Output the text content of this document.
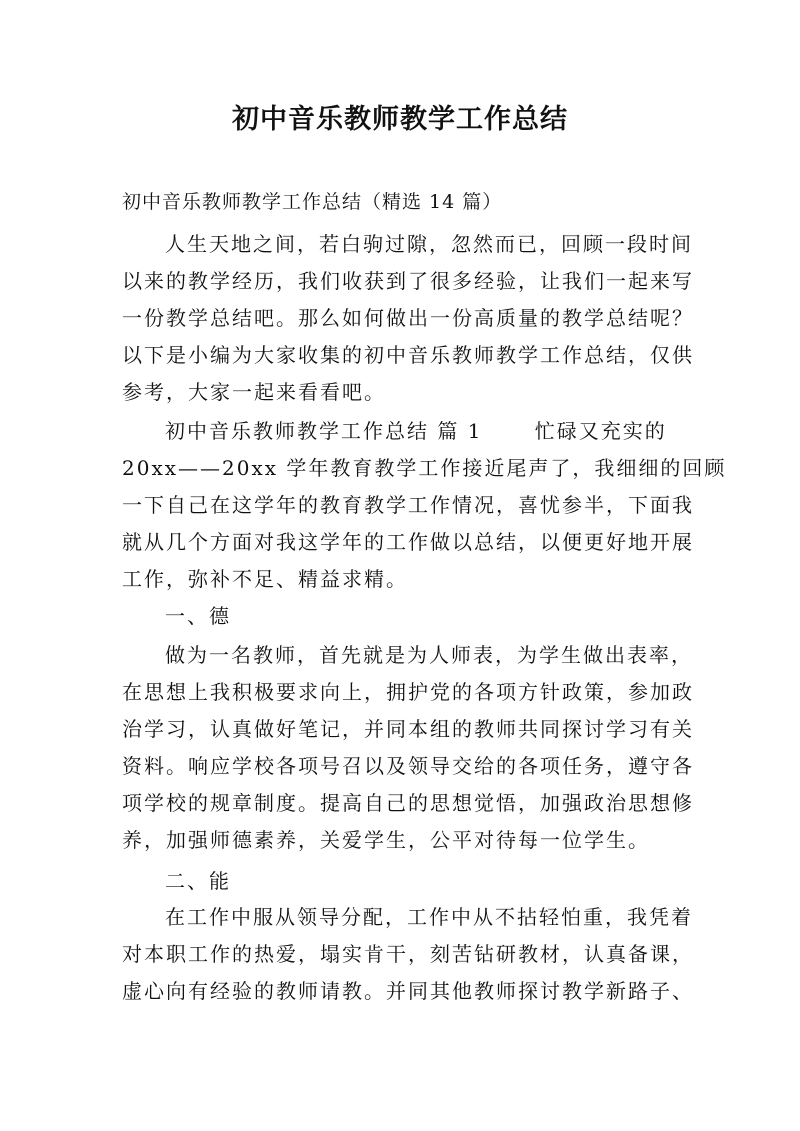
初中音乐教师教学工作总结
初中音乐教师教学工作总结（精选 14 篇）
人生天地之间，若白驹过隙，忽然而已，回顾一段时间
以来的教学经历，我们收获到了很多经验，让我们一起来写
一份教学总结吧。那么如何做出一份高质量的教学总结呢？
以下是小编为大家收集的初中音乐教师教学工作总结，仅供
参考，大家一起来看看吧。
初中音乐教师教学工作总结 篇 1　　 忙碌又充实的
20xx——20xx 学年教育教学工作接近尾声了，我细细的回顾
一下自己在这学年的教育教学工作情况，喜忧参半，下面我
就从几个方面对我这学年的工作做以总结，以便更好地开展
工作，弥补不足、精益求精。
一、德
做为一名教师，首先就是为人师表，为学生做出表率，
在思想上我积极要求向上，拥护党的各项方针政策，参加政
治学习，认真做好笔记，并同本组的教师共同探讨学习有关
资料。响应学校各项号召以及领导交给的各项任务，遵守各
项学校的规章制度。提高自己的思想觉悟，加强政治思想修
养，加强师德素养，关爱学生，公平对待每一位学生。
二、能
在工作中服从领导分配，工作中从不拈轻怕重，我凭着
对本职工作的热爱，塌实肯干，刻苦钻研教材，认真备课，
虚心向有经验的教师请教。并同其他教师探讨教学新路子、
